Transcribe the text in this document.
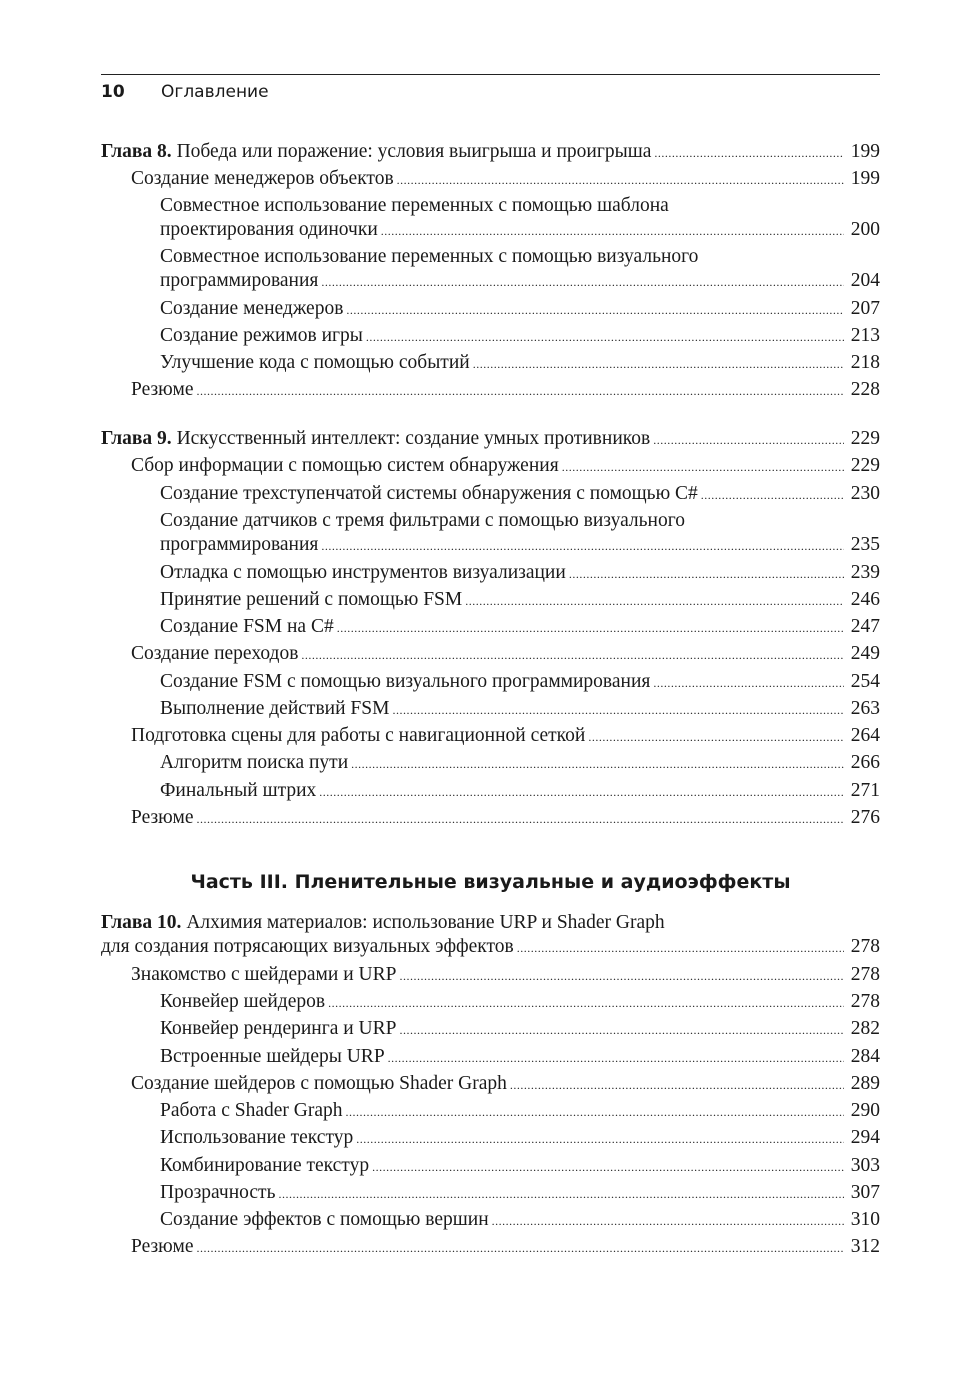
10 Оглавление
Глава 8. Победа или поражение: условия выигрыша и проигрыша .....	199
Создание менеджеров объектов .....	199
Совместное использование переменных с помощью шаблона
проектирования одиночки .....	200
Совместное использование переменных с помощью визуального
программирования .....	204
Создание менеджеров .....	207
Создание режимов игры .....	213
Улучшение кода с помощью событий .....	218
Резюме .....	228
Глава 9. Искусственный интеллект: создание умных противников .....	229
Сбор информации с помощью систем обнаружения .....	229
Создание трехступенчатой системы обнаружения с помощью C# .....	230
Создание датчиков с тремя фильтрами с помощью визуального
программирования .....	235
Отладка с помощью инструментов визуализации .....	239
Принятие решений с помощью FSM .....	246
Создание FSM на C# .....	247
Создание переходов .....	249
Создание FSM с помощью визуального программирования .....	254
Выполнение действий FSM .....	263
Подготовка сцены для работы с навигационной сеткой .....	264
Алгоритм поиска пути .....	266
Финальный штрих .....	271
Резюме .....	276
Часть III. Пленительные визуальные и аудиоэффекты
Глава 10. Алхимия материалов: использование URP и Shader Graph
для создания потрясающих визуальных эффектов .....	278
Знакомство с шейдерами и URP .....	278
Конвейер шейдеров .....	278
Конвейер рендеринга и URP .....	282
Встроенные шейдеры URP .....	284
Создание шейдеров с помощью Shader Graph .....	289
Работа с Shader Graph .....	290
Использование текстур .....	294
Комбинирование текстур .....	303
Прозрачность .....	307
Создание эффектов с помощью вершин .....	310
Резюме .....	312
